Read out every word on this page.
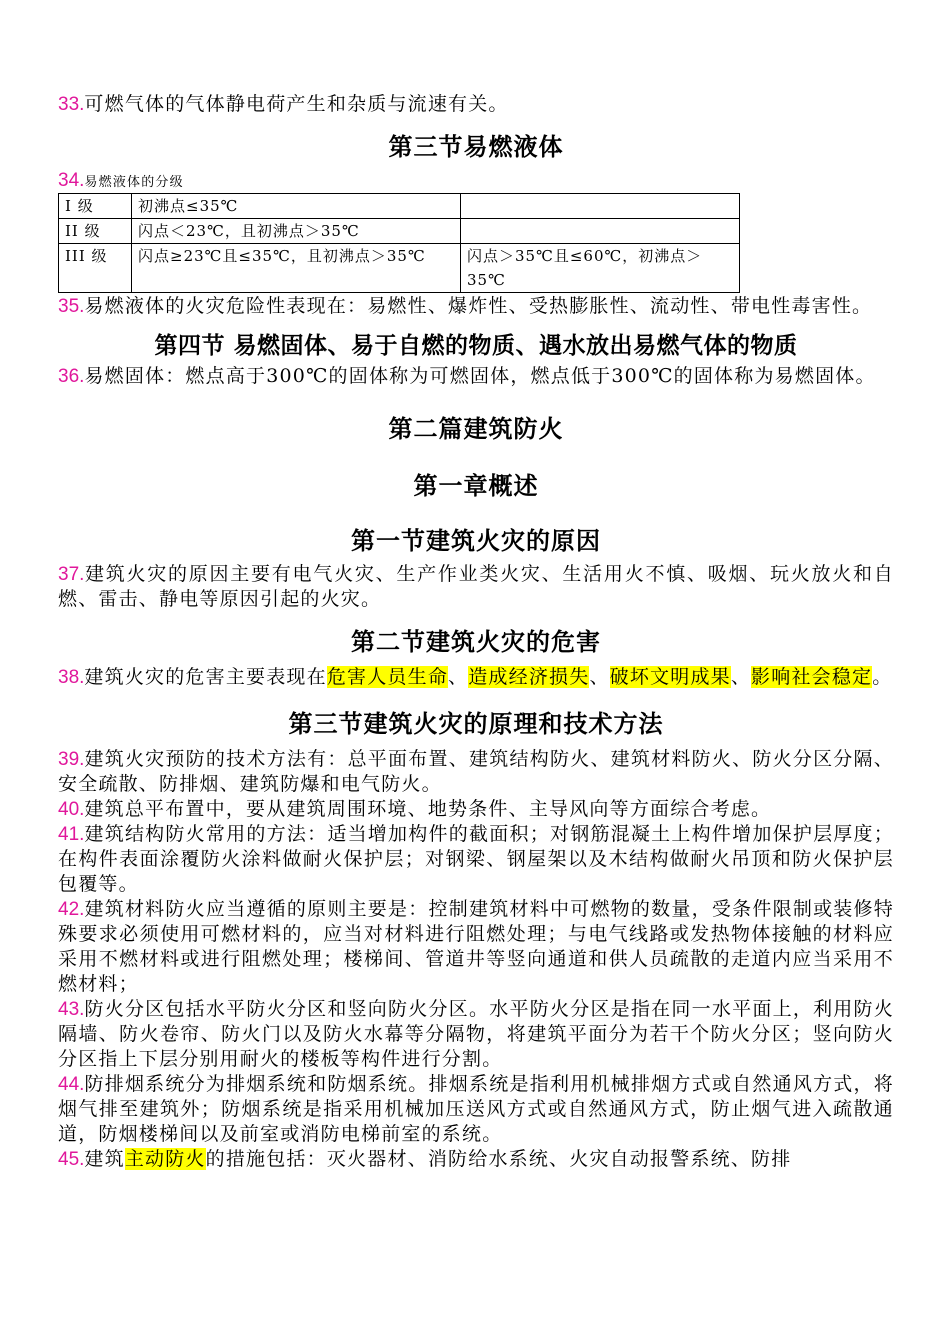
33.可燃气体的气体静电荷产生和杂质与流速有关。

第三节易燃液体

34.易燃液体的分级

I 级	初沸点≤35℃	
II 级	闪点＜23℃，且初沸点＞35℃	
III 级	闪点≥23℃且≤35℃，且初沸点＞35℃	闪点＞35℃且≤60℃，初沸点＞35℃

35.易燃液体的火灾危险性表现在：易燃性、爆炸性、受热膨胀性、流动性、带电性毒害性。

第四节 易燃固体、易于自燃的物质、遇水放出易燃气体的物质

36.易燃固体：燃点高于300℃的固体称为可燃固体，燃点低于300℃的固体称为易燃固体。

第二篇建筑防火

第一章概述

第一节建筑火灾的原因

37.建筑火灾的原因主要有电气火灾、生产作业类火灾、生活用火不慎、吸烟、玩火放火和自燃、雷击、静电等原因引起的火灾。

第二节建筑火灾的危害

38.建筑火灾的危害主要表现在危害人员生命、造成经济损失、破坏文明成果、影响社会稳定。

第三节建筑火灾的原理和技术方法

39.建筑火灾预防的技术方法有：总平面布置、建筑结构防火、建筑材料防火、防火分区分隔、安全疏散、防排烟、建筑防爆和电气防火。

40.建筑总平布置中，要从建筑周围环境、地势条件、主导风向等方面综合考虑。

41.建筑结构防火常用的方法：适当增加构件的截面积；对钢筋混凝土上构件增加保护层厚度；在构件表面涂覆防火涂料做耐火保护层；对钢梁、钢屋架以及木结构做耐火吊顶和防火保护层包覆等。

42.建筑材料防火应当遵循的原则主要是：控制建筑材料中可燃物的数量，受条件限制或装修特殊要求必须使用可燃材料的，应当对材料进行阻燃处理；与电气线路或发热物体接触的材料应采用不燃材料或进行阻燃处理；楼梯间、管道井等竖向通道和供人员疏散的走道内应当采用不燃材料；

43.防火分区包括水平防火分区和竖向防火分区。水平防火分区是指在同一水平面上，利用防火隔墙、防火卷帘、防火门以及防火水幕等分隔物，将建筑平面分为若干个防火分区；竖向防火分区指上下层分别用耐火的楼板等构件进行分割。

44.防排烟系统分为排烟系统和防烟系统。排烟系统是指利用机械排烟方式或自然通风方式，将烟气排至建筑外；防烟系统是指采用机械加压送风方式或自然通风方式，防止烟气进入疏散通道，防烟楼梯间以及前室或消防电梯前室的系统。

45.建筑主动防火的措施包括：灭火器材、消防给水系统、火灾自动报警系统、防排
